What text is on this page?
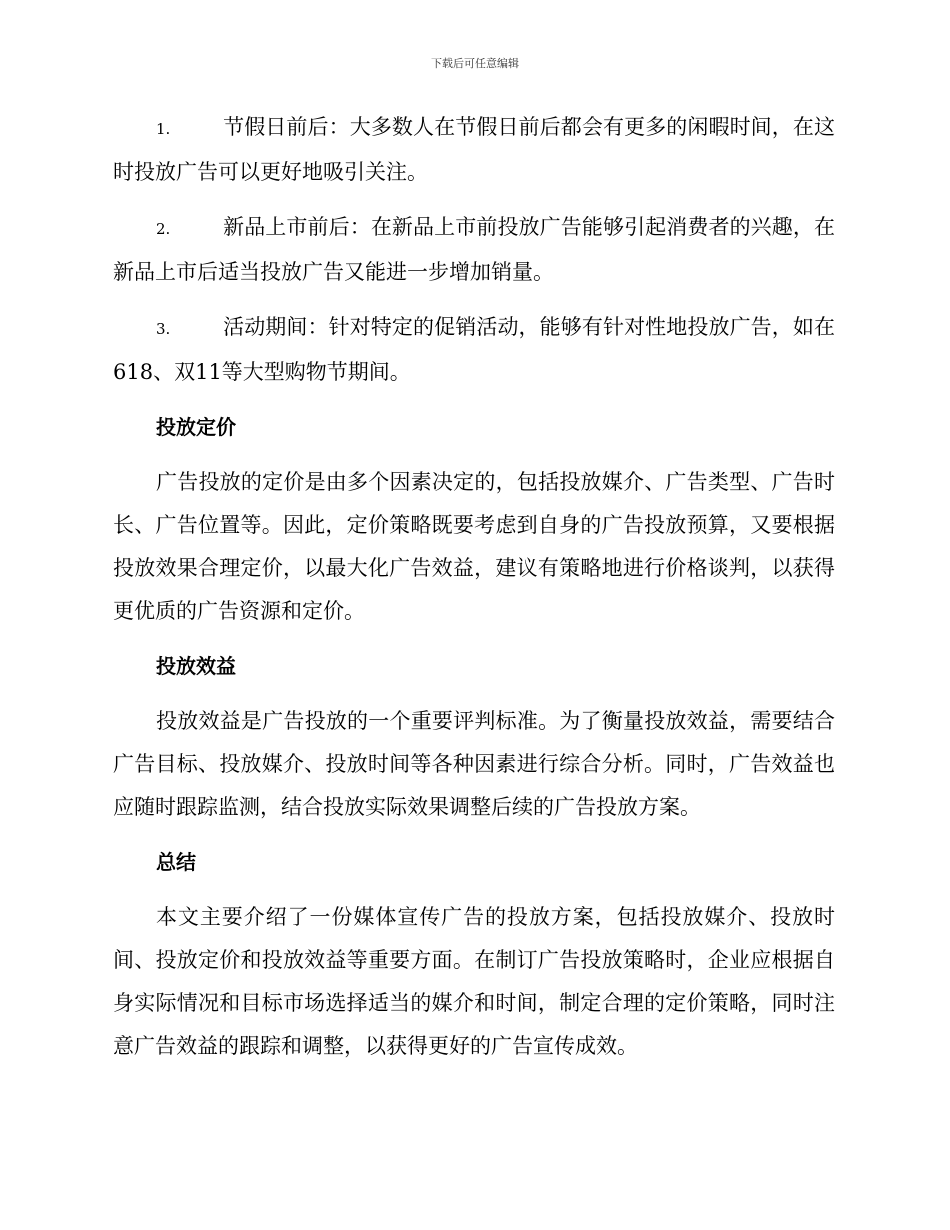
下载后可任意编辑

1.	节假日前后：大多数人在节假日前后都会有更多的闲暇时间，在这时投放广告可以更好地吸引关注。

2.	新品上市前后：在新品上市前投放广告能够引起消费者的兴趣，在新品上市后适当投放广告又能进一步增加销量。

3.	活动期间：针对特定的促销活动，能够有针对性地投放广告，如在618、双11等大型购物节期间。

投放定价

广告投放的定价是由多个因素决定的，包括投放媒介、广告类型、广告时长、广告位置等。因此，定价策略既要考虑到自身的广告投放预算，又要根据投放效果合理定价，以最大化广告效益，建议有策略地进行价格谈判，以获得更优质的广告资源和定价。

投放效益

投放效益是广告投放的一个重要评判标准。为了衡量投放效益，需要结合广告目标、投放媒介、投放时间等各种因素进行综合分析。同时，广告效益也应随时跟踪监测，结合投放实际效果调整后续的广告投放方案。

总结

本文主要介绍了一份媒体宣传广告的投放方案，包括投放媒介、投放时间、投放定价和投放效益等重要方面。在制订广告投放策略时，企业应根据自身实际情况和目标市场选择适当的媒介和时间，制定合理的定价策略，同时注意广告效益的跟踪和调整，以获得更好的广告宣传成效。
